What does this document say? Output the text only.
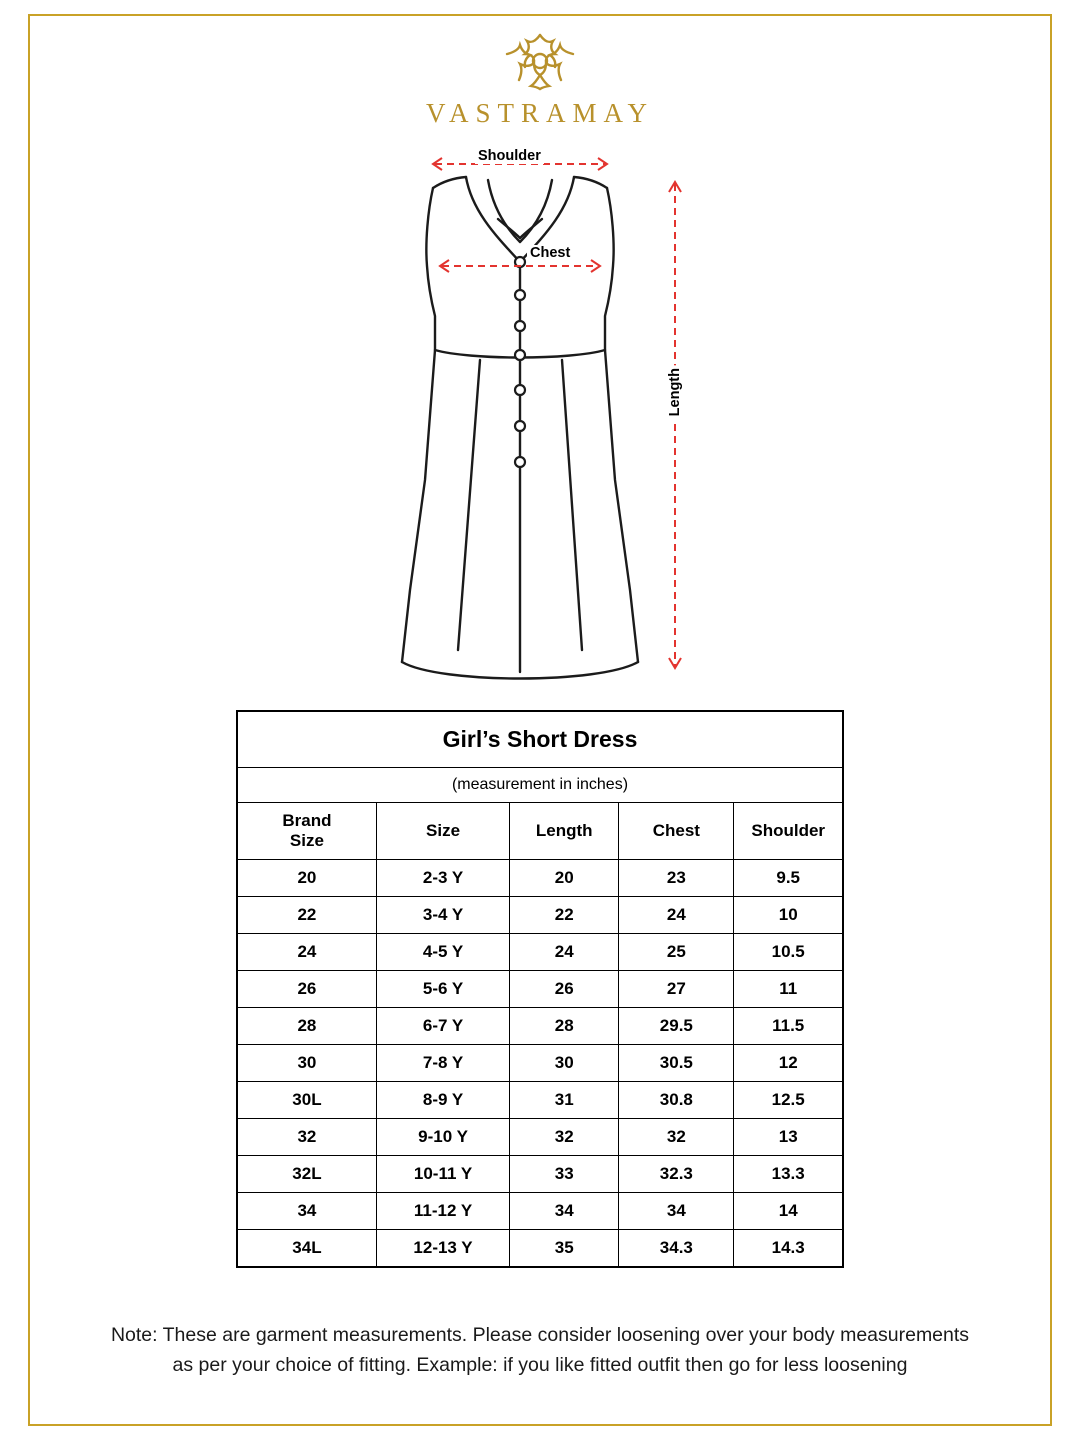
VASTRAMAY
Shoulder
Chest
Length
Girl’s Short Dress				
(measurement in inches)				
Brand
Size	Size	Length	Chest	Shoulder
20	2-3 Y	20	23	9.5
22	3-4 Y	22	24	10
24	4-5 Y	24	25	10.5
26	5-6 Y	26	27	11
28	6-7 Y	28	29.5	11.5
30	7-8 Y	30	30.5	12
30L	8-9 Y	31	30.8	12.5
32	9-10 Y	32	32	13
32L	10-11 Y	33	32.3	13.3
34	11-12 Y	34	34	14
34L	12-13 Y	35	34.3	14.3
Note: These are garment measurements. Please consider loosening over your body measurements
as per your choice of fitting. Example: if you like fitted outfit then go for less loosening
